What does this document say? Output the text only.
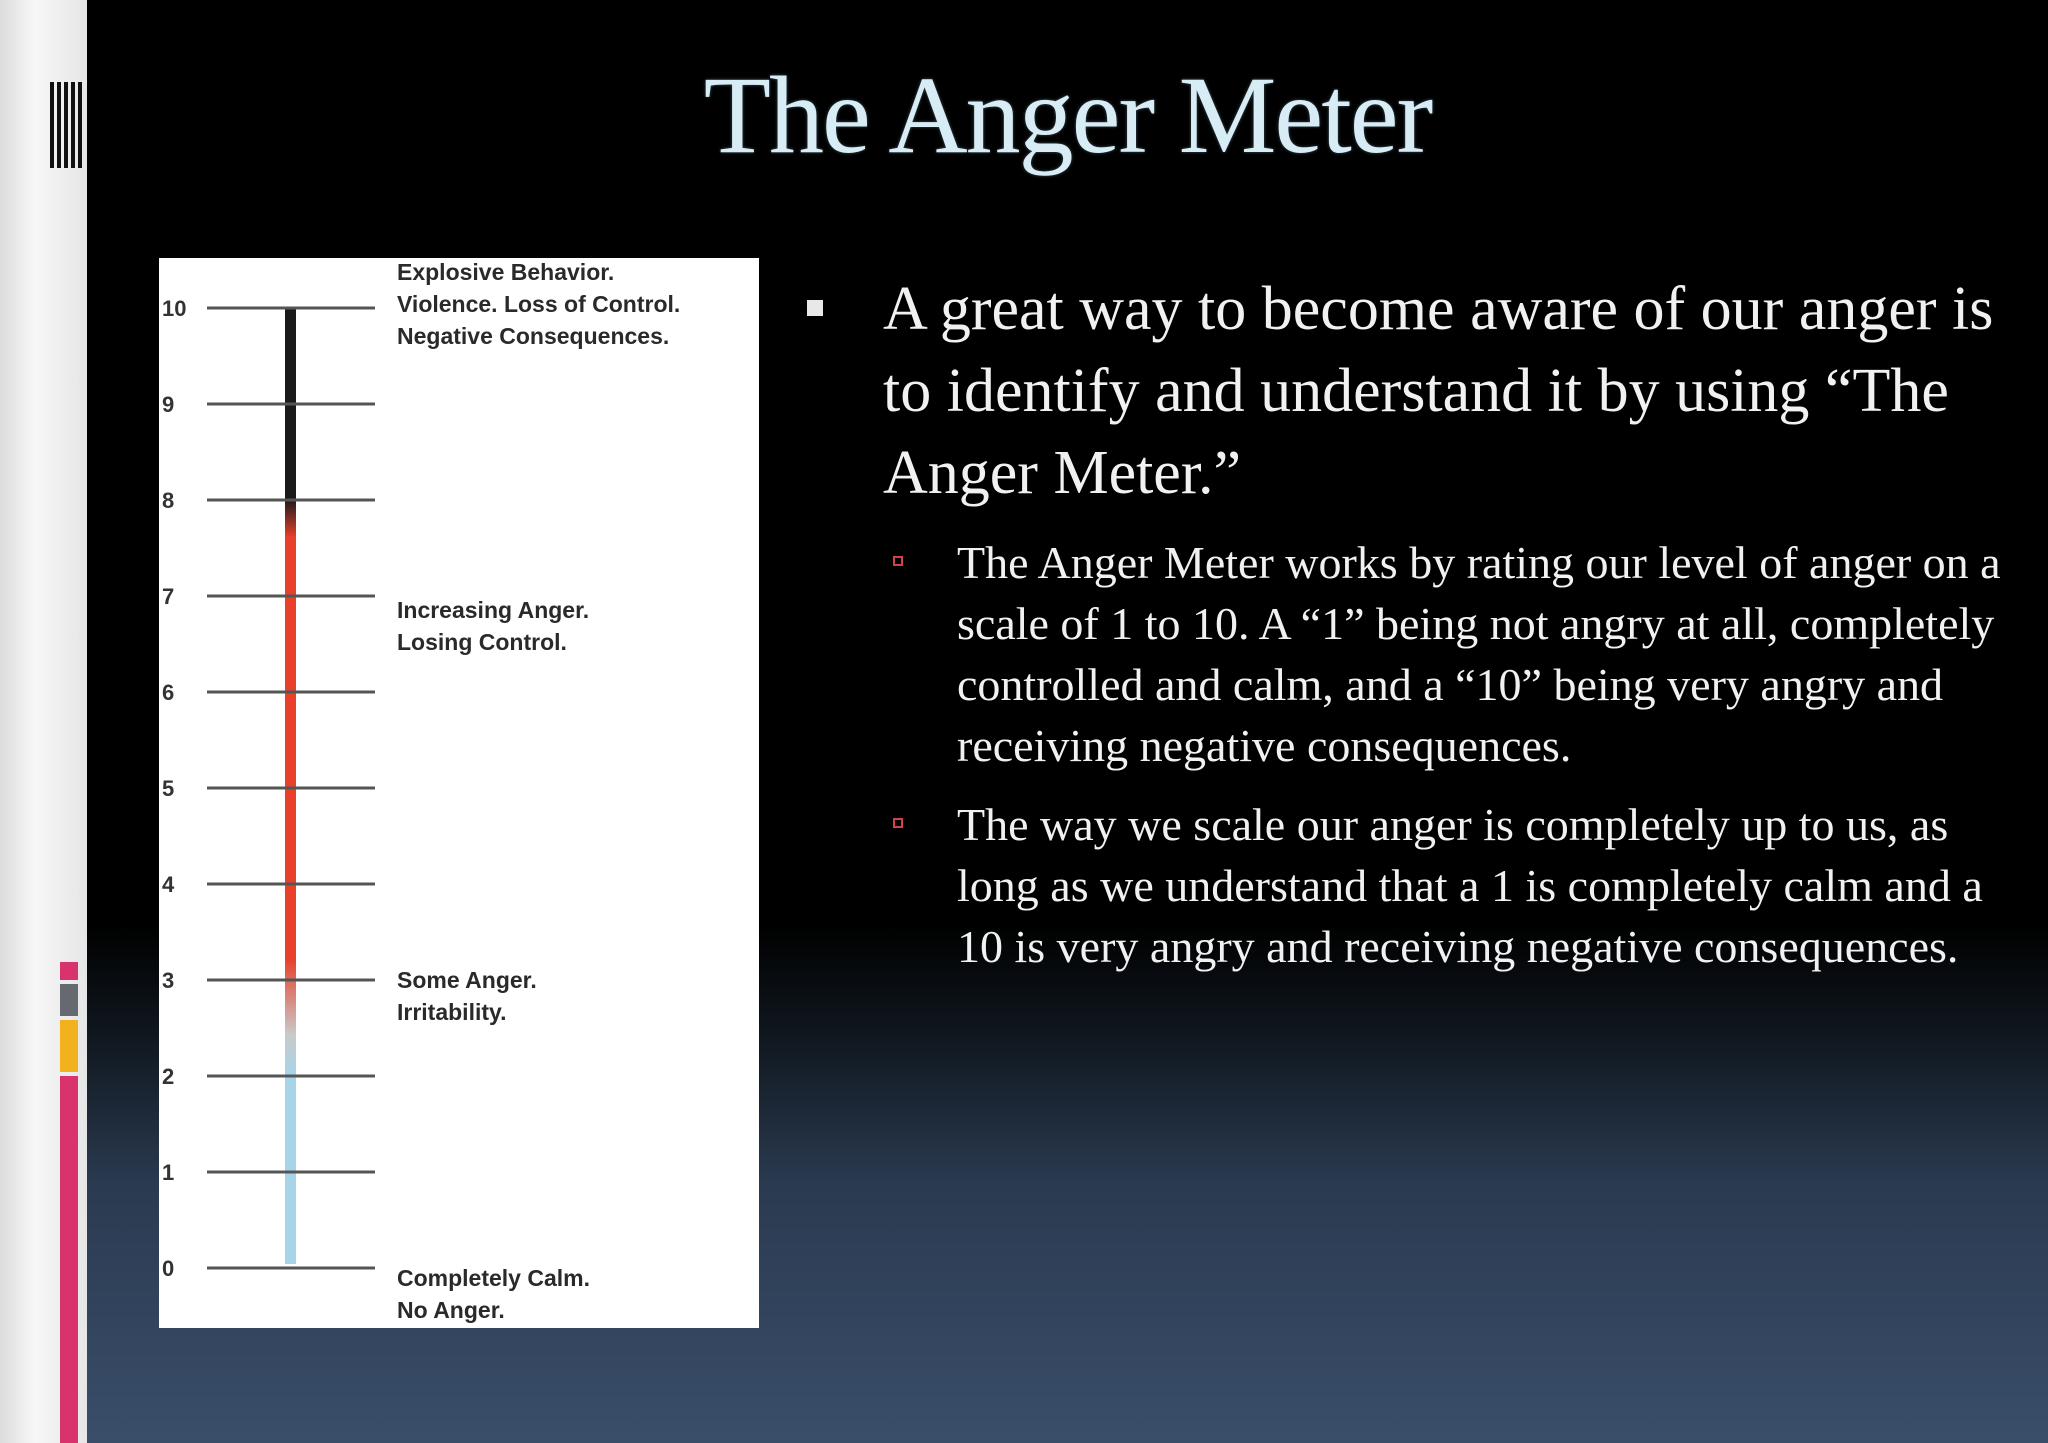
The Anger Meter
10
9
8
7
6
5
4
3
2
1
0
Explosive Behavior.
Violence. Loss of Control.
Negative Consequences.
Increasing Anger.
Losing Control.
Some Anger.
Irritability.
Completely Calm.
No Anger.
A great way to become aware of our anger is to identify and understand it by using “The Anger Meter.”
The Anger Meter works by rating our level of anger on a scale of 1 to 10. A “1” being not angry at all, completely controlled and calm, and a “10” being very angry and receiving negative consequences.
The way we scale our anger is completely up to us, as long as we understand that a 1 is completely calm and a 10 is very angry and receiving negative consequences.
